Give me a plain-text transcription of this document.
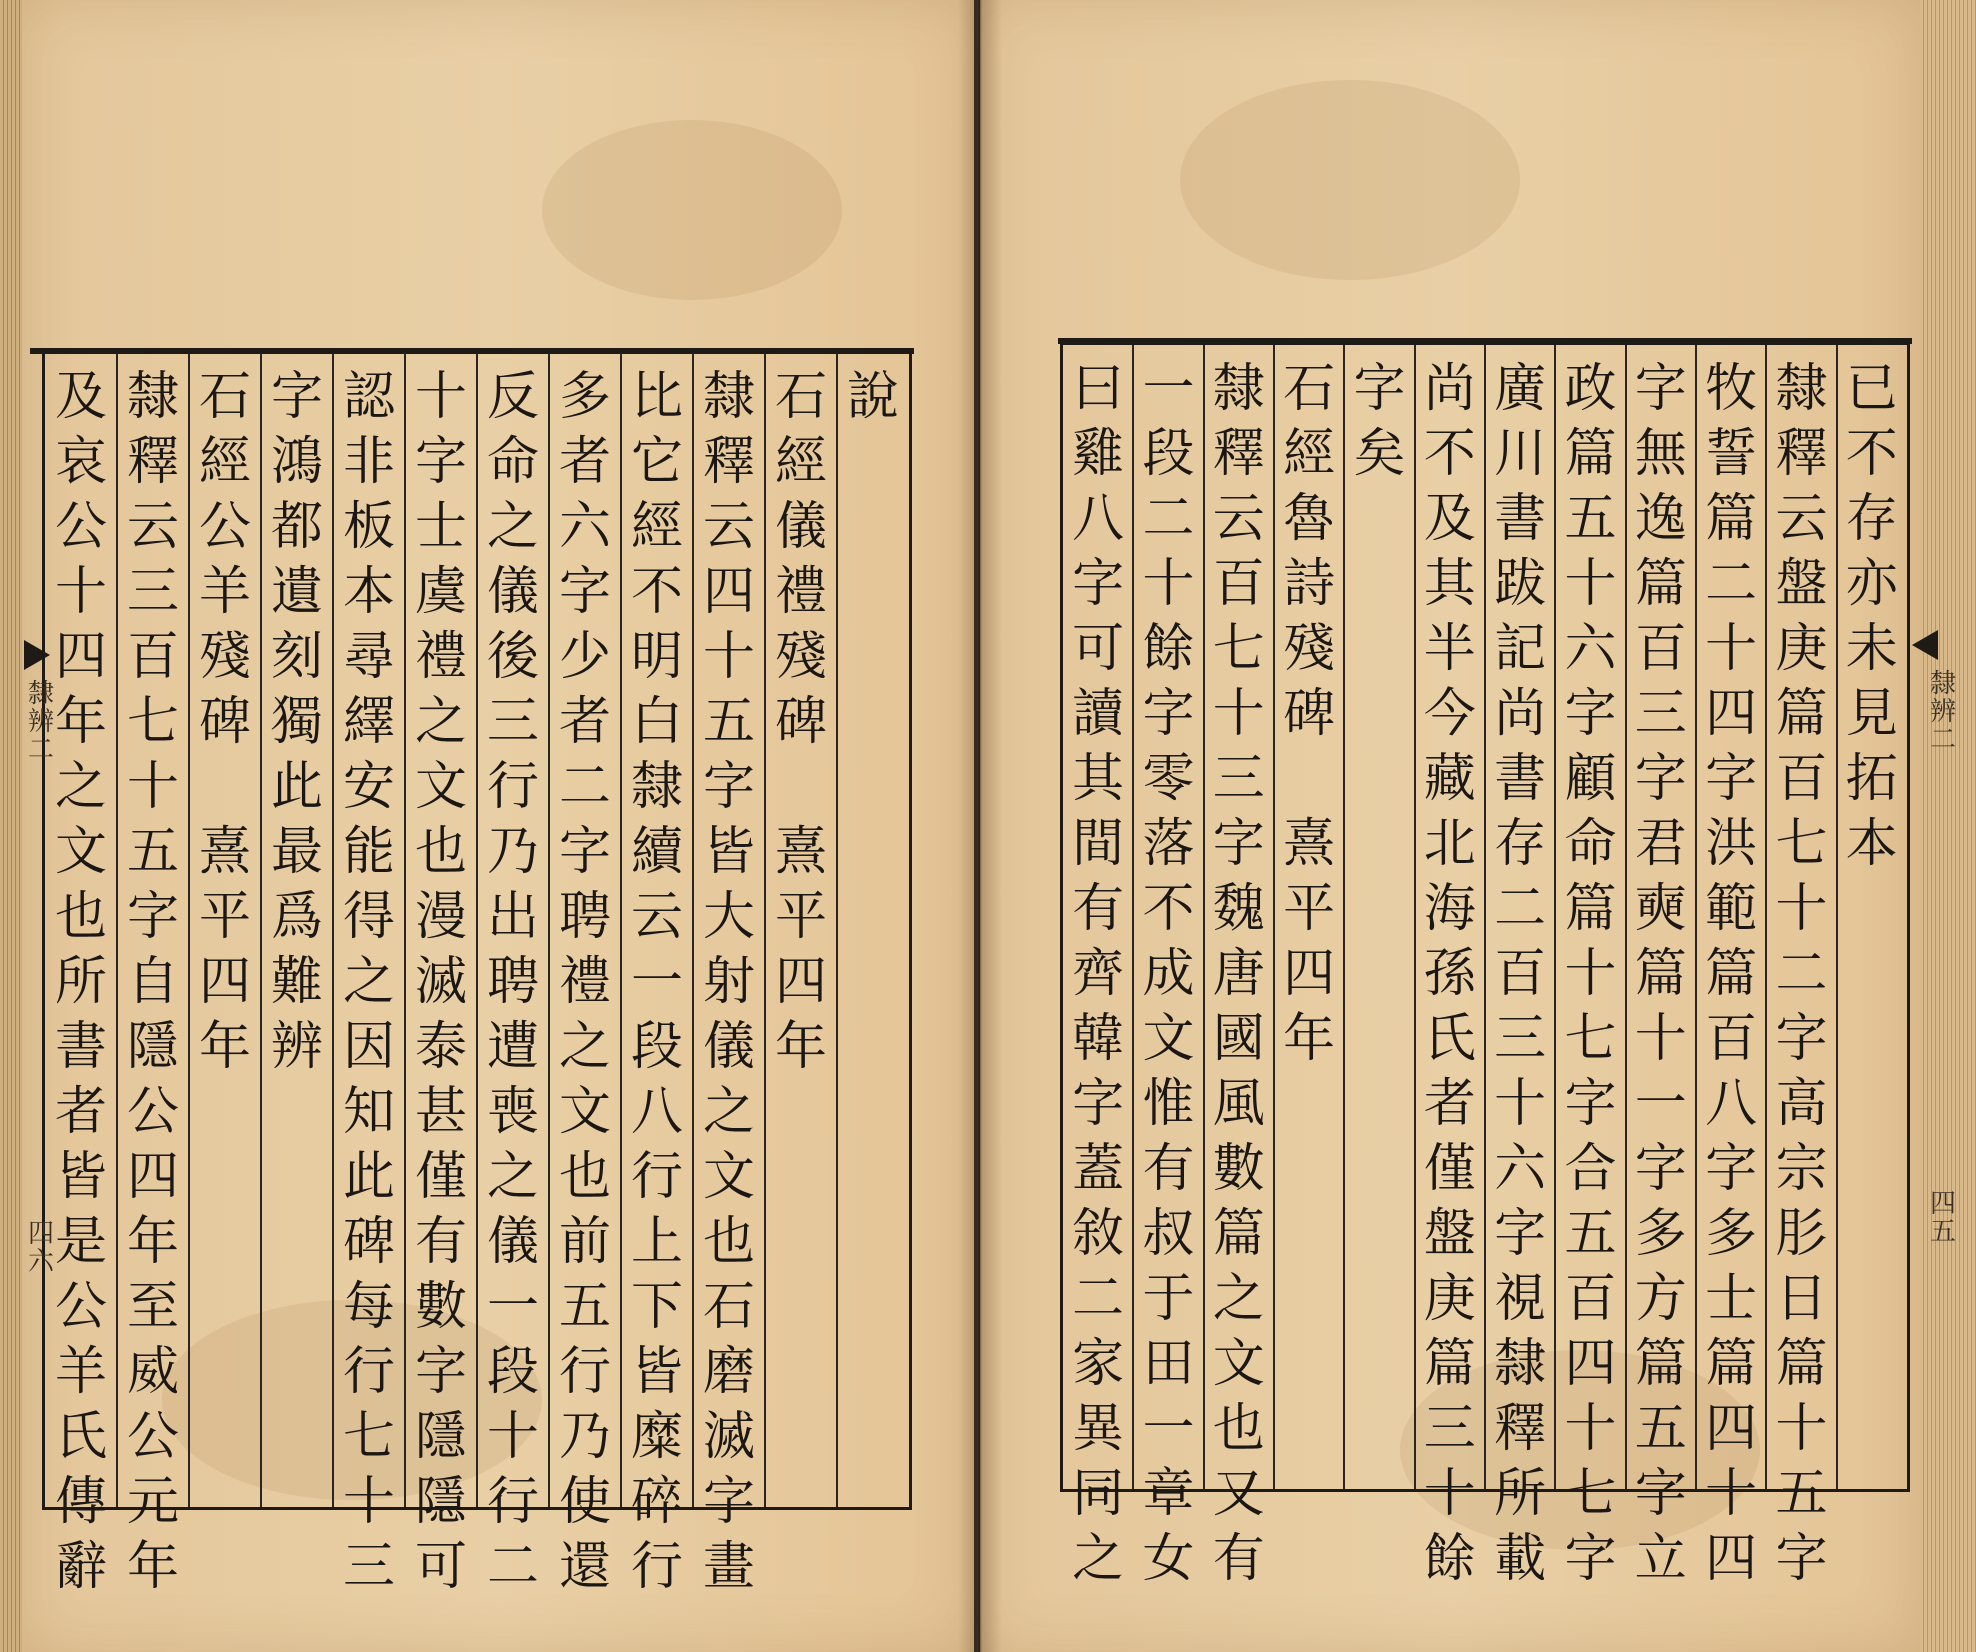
說
石
經
儀
禮
殘
碑
熹
平
四
年
隸
釋
云
四
十
五
字
皆
大
射
儀
之
文
也
石
磨
滅
字
畫
比
它
經
不
明
白
隸
續
云
一
段
八
行
上
下
皆
糜
碎
行
多
者
六
字
少
者
二
字
聘
禮
之
文
也
前
五
行
乃
使
還
反
命
之
儀
後
三
行
乃
出
聘
遭
喪
之
儀
一
段
十
行
二
十
字
士
虞
禮
之
文
也
漫
滅
泰
甚
僅
有
數
字
隱
隱
可
認
非
板
本
尋
繹
安
能
得
之
因
知
此
碑
每
行
七
十
三
字
鴻
都
遺
刻
獨
此
最
爲
難
辨
石
經
公
羊
殘
碑
熹
平
四
年
隸
釋
云
三
百
七
十
五
字
自
隱
公
四
年
至
威
公
元
年
及
哀
公
十
四
年
之
文
也
所
書
者
皆
是
公
羊
氏
傳
辭
已
不
存
亦
未
見
拓
本
隸
釋
云
盤
庚
篇
百
七
十
二
字
高
宗
肜
日
篇
十
五
字
牧
誓
篇
二
十
四
字
洪
範
篇
百
八
字
多
士
篇
四
十
四
字
無
逸
篇
百
三
字
君
奭
篇
十
一
字
多
方
篇
五
字
立
政
篇
五
十
六
字
顧
命
篇
十
七
字
合
五
百
四
十
七
字
廣
川
書
跋
記
尚
書
存
二
百
三
十
六
字
視
隸
釋
所
載
尚
不
及
其
半
今
藏
北
海
孫
氏
者
僅
盤
庚
篇
三
十
餘
字
矣
石
經
魯
詩
殘
碑
熹
平
四
年
隸
釋
云
百
七
十
三
字
魏
唐
國
風
數
篇
之
文
也
又
有
一
段
二
十
餘
字
零
落
不
成
文
惟
有
叔
于
田
一
章
女
曰
雞
八
字
可
讀
其
間
有
齊
韓
字
蓋
敘
二
家
異
同
之
隸辨二
四六
隸辨二
四五
